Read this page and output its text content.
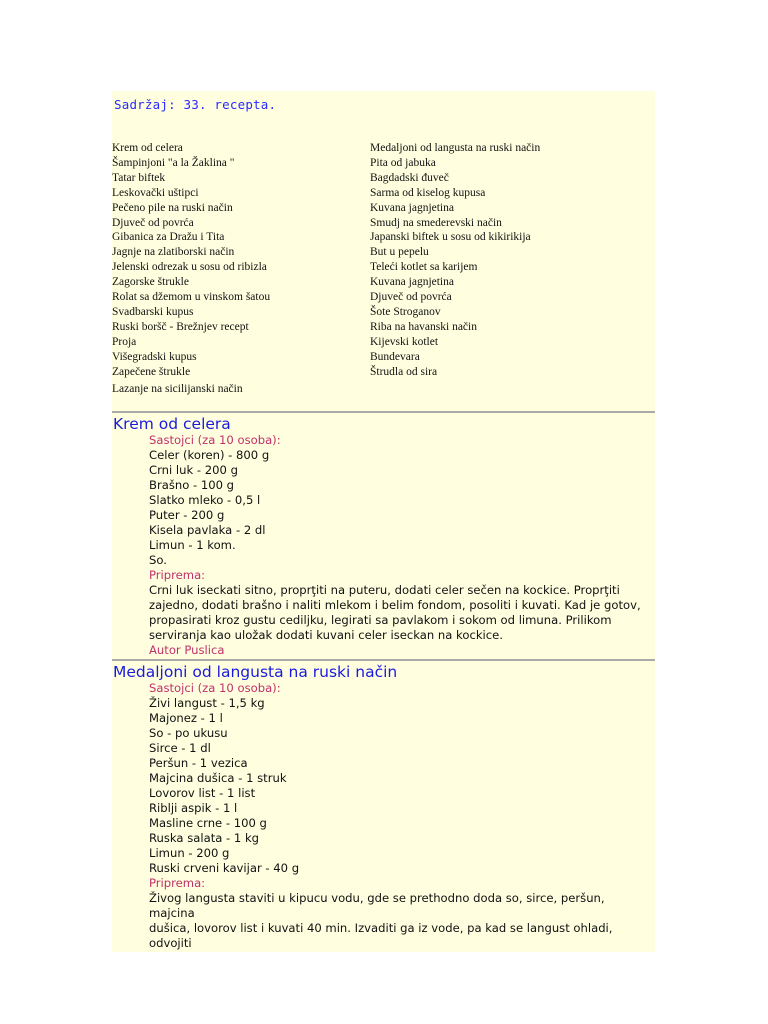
Sadržaj: 33. recepta.
Krem od celera
Šampinjoni "a la Žaklina "
Tatar biftek
Leskovački uštipci
Pečeno pile na ruski način
Djuveč od povrća
Gibanica za Dražu i Tita
Jagnje na zlatiborski način
Jelenski odrezak u sosu od ribizla
Zagorske štrukle
Rolat sa džemom u vinskom šatou
Svadbarski kupus
Ruski boršč - Brežnjev recept
Proja
Višegradski kupus
Zapečene štrukle
Lazanje na sicilijanski način
Medaljoni od langusta na ruski način
Pita od jabuka
Bagdadski đuveč
Sarma od kiselog kupusa
Kuvana jagnjetina
Smudj na smederevski način
Japanski biftek u sosu od kikirikija
But u pepelu
Teleći kotlet sa karijem
Kuvana jagnjetina
Djuveč od povrća
Šote Stroganov
Riba na havanski način
Kijevski kotlet
Bundevara
Štrudla od sira
Krem od celera
Sastojci (za 10 osoba):
Celer (koren) - 800 g
Crni luk - 200 g
Brašno - 100 g
Slatko mleko - 0,5 l
Puter - 200 g
Kisela pavlaka - 2 dl
Limun - 1 kom.
So.
Priprema:
Crni luk iseckati sitno, proprţiti na puteru, dodati celer sečen na kockice. Proprţiti
zajedno, dodati brašno i naliti mlekom i belim fondom, posoliti i kuvati. Kad je gotov,
propasirati kroz gustu cediljku, legirati sa pavlakom i sokom od limuna. Prilikom
serviranja kao uložak dodati kuvani celer iseckan na kockice.
Autor Puslica
Medaljoni od langusta na ruski način
Sastojci (za 10 osoba):
Živi langust - 1,5 kg
Majonez - 1 l
So - po ukusu
Sirce - 1 dl
Peršun - 1 vezica
Majcina dušica - 1 struk
Lovorov list - 1 list
Riblji aspik - 1 l
Masline crne - 100 g
Ruska salata - 1 kg
Limun - 200 g
Ruski crveni kavijar - 40 g
Priprema:
Živog langusta staviti u kipucu vodu, gde se prethodno doda so, sirce, peršun, majcina
dušica, lovorov list i kuvati 40 min. Izvaditi ga iz vode, pa kad se langust ohladi, odvojiti
